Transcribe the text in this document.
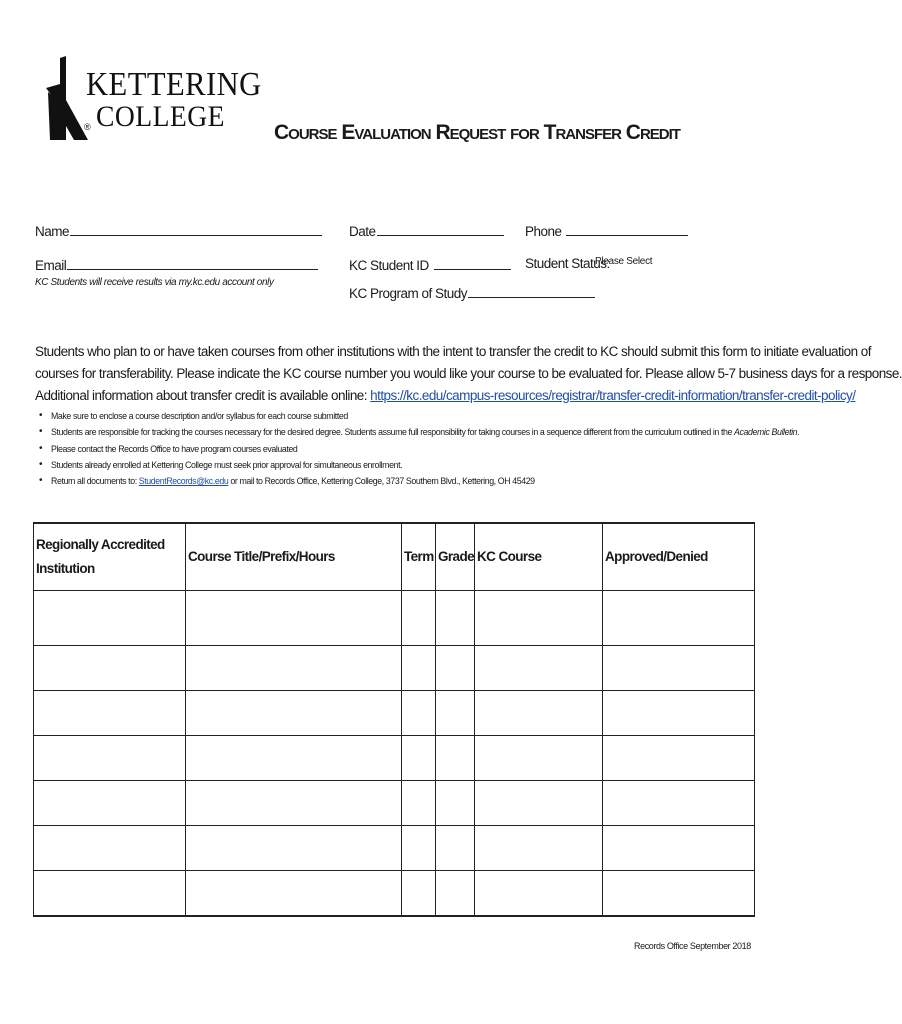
KETTERING
® COLLEGE Course Evaluation Request for Transfer Credit
Name	Date	Phone
Email
KC Students will receive results via my.kc.edu account only
KC Student ID	Student Status:
Please Select
KC Program of Study
Students who plan to or have taken courses from other institutions with the intent to transfer the credit to KC should submit this form to initiate evaluation of
courses for transferability. Please indicate the KC course number you would like your course to be evaluated for. Please allow 5-7 business days for a response.
Additional information about transfer credit is available online: https://kc.edu/campus-resources/registrar/transfer-credit-information/transfer-credit-policy/
• Make sure to enclose a course description and/or syllabus for each course submitted
• Students are responsible for tracking the courses necessary for the desired degree. Students assume full responsibility for taking courses in a sequence different from the curriculum outlined in the Academic Bulletin.
• Please contact the Records Office to have program courses evaluated
• Students already enrolled at Kettering College must seek prior approval for simultaneous enrollment.
• Return all documents to: StudentRecords@kc.edu or mail to Records Office, Kettering College, 3737 Southern Blvd., Kettering, OH 45429
Regionally Accredited
Institution	Course Title/Prefix/Hours	Term	Grade	KC Course	Approved/Denied

Records Office September 2018
